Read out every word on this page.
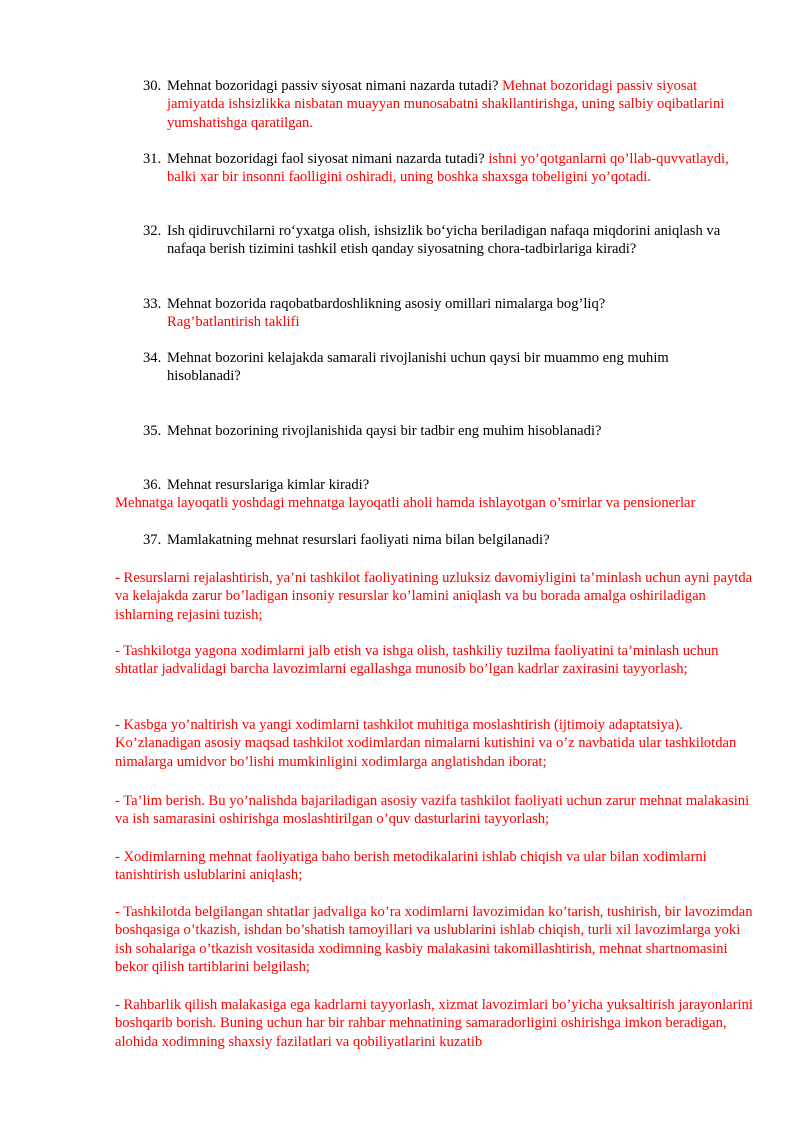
30. Mehnat bozoridagi passiv siyosat nimani nazarda tutadi? Mehnat bozoridagi passiv siyosat jamiyatda ishsizlikka nisbatan muayyan munosabatni shakllantirishga, uning salbiy oqibatlarini yumshatishga qaratilgan.
31. Mehnat bozoridagi faol siyosat nimani nazarda tutadi? ishni yo’qotganlarni qo’llab-quvvatlaydi, balki xar bir insonni faolligini oshiradi, uning boshka shaxsga tobeligini yo’qotadi.
32. Ish qidiruvchilarni ro‘yxatga olish, ishsizlik bo‘yicha beriladigan nafaqa miqdorini aniqlash va nafaqa berish tizimini tashkil etish qanday siyosatning chora-tadbirlariga kiradi?
33. Mehnat bozorida raqobatbardoshlikning asosiy omillari nimalarga bog’liq?
Rag’batlantirish taklifi
34. Mehnat bozorini kelajakda samarali rivojlanishi uchun qaysi bir muammo eng muhim hisoblanadi?
35. Mehnat bozorining rivojlanishida qaysi bir tadbir eng muhim hisoblanadi?
36. Mehnat resurslariga kimlar kiradi?
Mehnatga layoqatli yoshdagi mehnatga layoqatli aholi hamda ishlayotgan o’smirlar va pensionerlar
37. Mamlakatning mehnat resurslari faoliyati nima bilan belgilanadi?
- Resurslarni rejalashtirish, ya’ni tashkilot faoliyatining uzluksiz davomiyligini ta’minlash uchun ayni paytda va kelajakda zarur bo’ladigan insoniy resurslar ko’lamini aniqlash va bu borada amalga oshiriladigan ishlarning rejasini tuzish;
- Tashkilotga yagona xodimlarni jalb etish va ishga olish, tashkiliy tuzilma faoliyatini ta’minlash uchun shtatlar jadvalidagi barcha lavozimlarni egallashga munosib bo’lgan kadrlar zaxirasini tayyorlash;
- Kasbga yo’naltirish va yangi xodimlarni tashkilot muhitiga moslashtirish (ijtimoiy adaptatsiya). Ko’zlanadigan asosiy maqsad tashkilot xodimlardan nimalarni kutishini va o’z navbatida ular tashkilotdan nimalarga umidvor bo’lishi mumkinligini xodimlarga anglatishdan iborat;
- Ta’lim berish. Bu yo’nalishda bajariladigan asosiy vazifa tashkilot faoliyati uchun zarur mehnat malakasini va ish samarasini oshirishga moslashtirilgan o’quv dasturlarini tayyorlash;
- Xodimlarning mehnat faoliyatiga baho berish metodikalarini ishlab chiqish va ular bilan xodimlarni tanishtirish uslublarini aniqlash;
- Tashkilotda belgilangan shtatlar jadvaliga ko’ra xodimlarni lavozimidan ko’tarish, tushirish, bir lavozimdan boshqasiga o’tkazish, ishdan bo’shatish tamoyillari va uslublarini ishlab chiqish, turli xil lavozimlarga yoki ish sohalariga o’tkazish vositasida xodimning kasbiy malakasini takomillashtirish, mehnat shartnomasini bekor qilish tartiblarini belgilash;
- Rahbarlik qilish malakasiga ega kadrlarni tayyorlash, xizmat lavozimlari bo’yicha yuksaltirish jarayonlarini boshqarib borish. Buning uchun har bir rahbar mehnatining samaradorligini oshirishga imkon beradigan, alohida xodimning shaxsiy fazilatlari va qobiliyatlarini kuzatib
